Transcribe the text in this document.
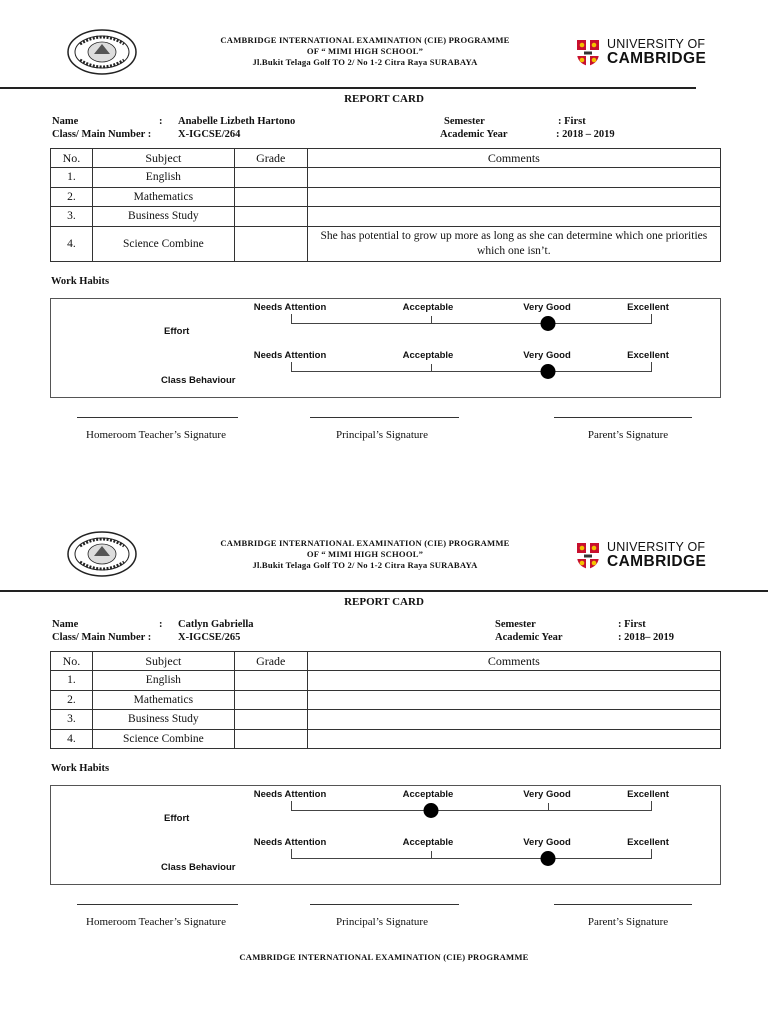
CAMBRIDGE INTERNATIONAL EXAMINATION (CIE) PROGRAMME
OF “ MIMI HIGH SCHOOL”
Jl.Bukit Telaga Golf TO 2/ No 1-2 Citra Raya SURABAYA
UNIVERSITY OF
CAMBRIDGE
REPORT CARD
Name	: Anabelle Lizbeth Hartono
Class/ Main Number :	X-IGCSE/264
Semester	: First
Academic Year	: 2018 – 2019
No.	Subject	Grade	Comments
1.	English		
2.	Mathematics		
3.	Business Study		
4.	Science Combine		She has potential to grow up more as long as she can determine which one priorities which one isn’t.
Work Habits
Needs Attention	Acceptable	Very Good	Excellent
Effort
Needs Attention	Acceptable	Very Good	Excellent
Class Behaviour
Homeroom Teacher’s Signature	Principal’s Signature	Parent’s Signature
CAMBRIDGE INTERNATIONAL EXAMINATION (CIE) PROGRAMME
OF “ MIMI HIGH SCHOOL”
Jl.Bukit Telaga Golf TO 2/ No 1-2 Citra Raya SURABAYA
UNIVERSITY OF
CAMBRIDGE
REPORT CARD
Name	: Catlyn Gabriella
Class/ Main Number :	X-IGCSE/265
Semester	: First
Academic Year	: 2018– 2019
No.	Subject	Grade	Comments
1.	English		
2.	Mathematics		
3.	Business Study		
4.	Science Combine		
Work Habits
Needs Attention	Acceptable	Very Good	Excellent
Effort
Needs Attention	Acceptable	Very Good	Excellent
Class Behaviour
Homeroom Teacher’s Signature	Principal’s Signature	Parent’s Signature
CAMBRIDGE INTERNATIONAL EXAMINATION (CIE) PROGRAMME
